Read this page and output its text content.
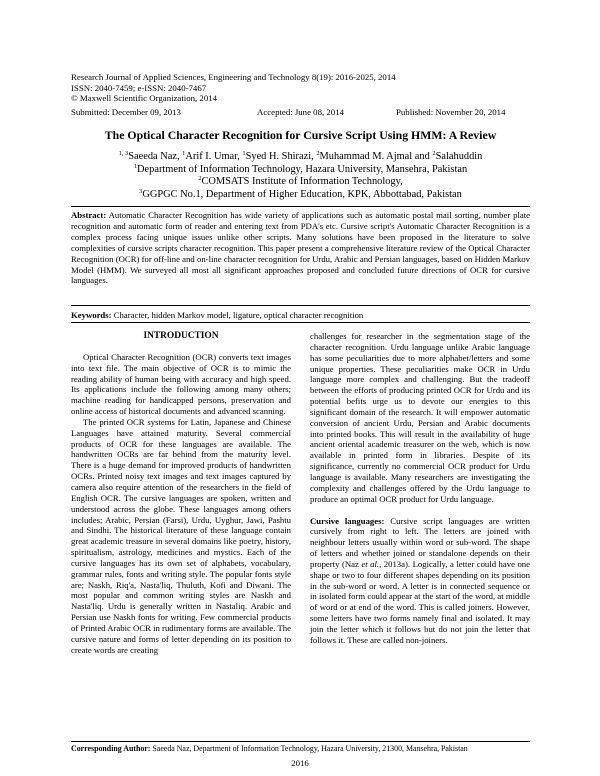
Research Journal of Applied Sciences, Engineering and Technology 8(19): 2016-2025, 2014
ISSN: 2040-7459; e-ISSN: 2040-7467
© Maxwell Scientific Organization, 2014
Submitted: December 09, 2013	Accepted: June 08, 2014	Published: November 20, 2014
The Optical Character Recognition for Cursive Script Using HMM: A Review
$^{1, 3}$Saeeda Naz, $^1$Arif I. Umar, $^1$Syed H. Shirazi, $^2$Muhammad M. Ajmal and $^2$Salahuddin
$^1$Department of Information Technology, Hazara University, Mansehra, Pakistan
$^2$COMSATS Institute of Information Technology,
$^3$GGPGC No.1, Department of Higher Education, KPK, Abbottabad, Pakistan
Abstract: Automatic Character Recognition has wide variety of applications such as automatic postal mail sorting, number plate recognition and automatic form of reader and entering text from PDA's etc. Cursive script's Automatic Character Recognition is a complex process facing unique issues unlike other scripts. Many solutions have been proposed in the literature to solve complexities of cursive scripts character recognition. This paper present a comprehensive literature review of the Optical Character Recognition (OCR) for off-line and on-line character recognition for Urdu, Arabic and Persian languages, based on Hidden Markov Model (HMM). We surveyed all most all significant approaches proposed and concluded future directions of OCR for cursive languages.
Keywords: Character, hidden Markov model, ligature, optical character recognition
INTRODUCTION

Optical Character Recognition (OCR) converts text images into text file. The main objective of OCR is to mimic the reading ability of human being with accuracy and high speed. Its applications include the following among many others; machine reading for handicapped persons, preservation and online access of historical documents and advanced scanning.

The printed OCR systems for Latin, Japanese and Chinese Languages have attained maturity. Several commercial products of OCR for these languages are available. The handwritten OCRs are far behind from the maturity level. There is a huge demand for improved products of handwritten OCRs. Printed noisy text images and text images captured by camera also require attention of the researchers in the field of English OCR. The cursive languages are spoken, written and understood across the globe. These languages among others includes; Arabic, Persian (Farsi), Urdu, Uyghur, Jawi, Pashtu and Sindhi. The historical literature of these language contain great academic treasure in several domains like poetry, history, spiritualism, astrology, medicines and mystics. Each of the cursive languages has its own set of alphabets, vocabulary, grammar rules, fonts and writing style. The popular fonts style are; Naskh, Riq'a, Nasta'liq, Thuluth, Kofi and Diwani. The most popular and common writing styles are Naskh and Nasta'liq. Urdu is generally written in Nastaliq. Arabic and Persian use Naskh fonts for writing. Few commercial products of Printed Arabic OCR in rudimentary forms are available. The cursive nature and forms of letter depending on its position to create words are creating

challenges for researcher in the segmentation stage of the character recognition. Urdu language unlike Arabic language has some peculiarities due to more alphabet/letters and some unique properties. These peculiarities make OCR in Urdu language more complex and challenging. But the tradeoff between the efforts of producing printed OCR for Urdu and its potential befits urge us to devote our energies to this significant domain of the research. It will empower automatic conversion of ancient Urdu, Persian and Arabic documents into printed books. This will result in the availability of huge ancient oriental academic treasurer on the web, which is now available in printed form in libraries. Despite of its significance, currently no commercial OCR product for Urdu language is available. Many researchers are investigating the complexity and challenges offered by the Urdu language to produce an optimal OCR product for Urdu language.

Cursive languages: Cursive script languages are written cursively from right to left. The letters are joined with neighbour letters usually within word or sub-word. The shape of letters and whether joined or standalone depends on their property (Naz et al., 2013a). Logically, a letter could have one shape or two to four different shapes depending on its position in the sub-word or word. A letter is in connected sequence or in isolated form could appear at the start of the word, at middle of word or at end of the word. This is called joiners. However, some letters have two forms namely final and isolated. It may join the letter which it follows but do not join the letter that follows it. These are called non-joiners.

Corresponding Author: Saeeda Naz, Department of Information Technology, Hazara University, 21300, Mansehra, Pakistan
2016
